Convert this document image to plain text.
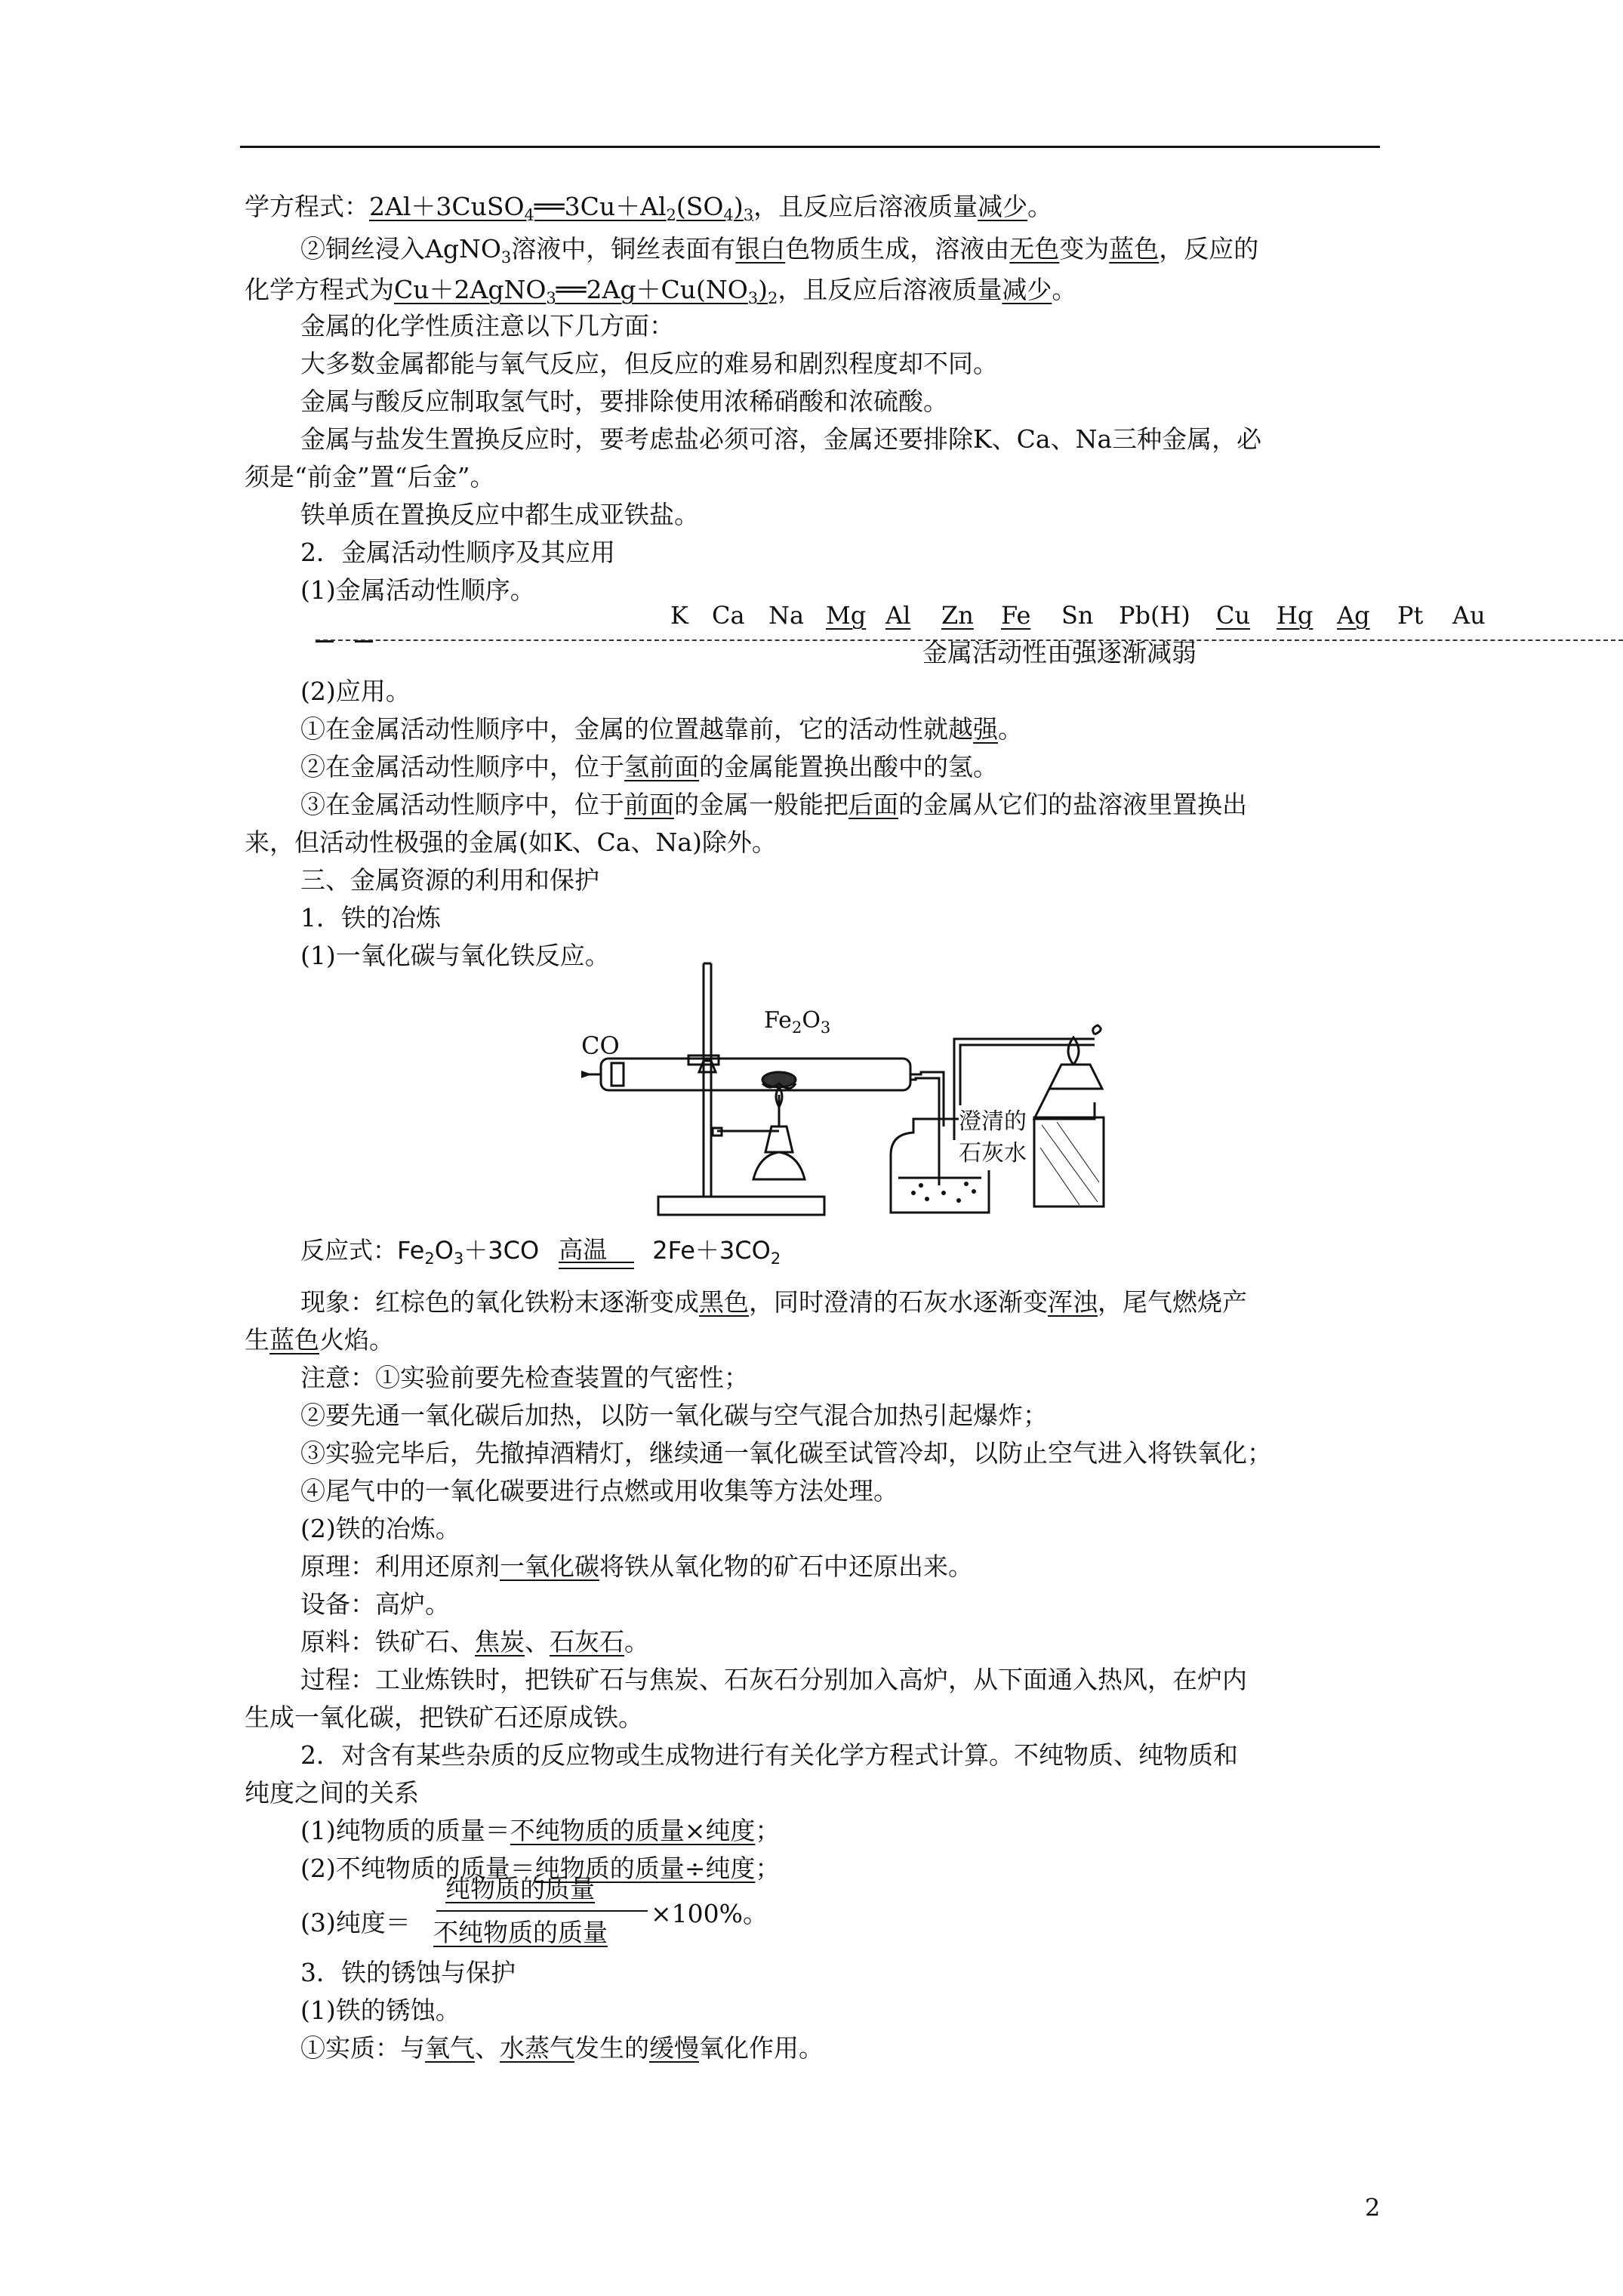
学方程式：$2Al+3CuSO_4══3Cu+Al_2(SO_4)_3$，且反应后溶液质量减少。
②铜丝浸入AgNO$_3$溶液中，铜丝表面有银白色物质生成，溶液由无色变为蓝色，反应的
化学方程式为$Cu+2AgNO_3══2Ag+Cu(NO_3)_2$，且反应后溶液质量减少。
金属的化学性质注意以下几方面：
大多数金属都能与氧气反应，但反应的难易和剧烈程度却不同。
金属与酸反应制取氢气时，要排除使用浓稀硝酸和浓硫酸。
金属与盐发生置换反应时，要考虑盐必须可溶，金属还要排除K、Ca、Na三种金属，必
须是“前金”置“后金”。
铁单质在置换反应中都生成亚铁盐。
2．金属活动性顺序及其应用
(1)金属活动性顺序。
K Ca Na Mg Al Zn Fe Sn Pb(H) Cu Hg Ag Pt Au
金属活动性由强逐渐减弱
(2)应用。
①在金属活动性顺序中，金属的位置越靠前，它的活动性就越强。
②在金属活动性顺序中，位于氢前面的金属能置换出酸中的氢。
③在金属活动性顺序中，位于前面的金属一般能把后面的金属从它们的盐溶液里置换出
来，但活动性极强的金属(如K、Ca、Na)除外。
三、金属资源的利用和保护
1．铁的冶炼
(1)一氧化碳与氧化铁反应。
CO
$Fe_2O_3$
澄清的
石灰水
反应式：$Fe_2O_3+3CO$ 高温 $2Fe+3CO_2$
现象：红棕色的氧化铁粉末逐渐变成黑色，同时澄清的石灰水逐渐变浑浊，尾气燃烧产
生蓝色火焰。
注意：①实验前要先检查装置的气密性；
②要先通一氧化碳后加热，以防一氧化碳与空气混合加热引起爆炸；
③实验完毕后，先撤掉酒精灯，继续通一氧化碳至试管冷却，以防止空气进入将铁氧化；
④尾气中的一氧化碳要进行点燃或用收集等方法处理。
(2)铁的冶炼。
原理：利用还原剂一氧化碳将铁从氧化物的矿石中还原出来。
设备：高炉。
原料：铁矿石、焦炭、石灰石。
过程：工业炼铁时，把铁矿石与焦炭、石灰石分别加入高炉，从下面通入热风，在炉内
生成一氧化碳，把铁矿石还原成铁。
2．对含有某些杂质的反应物或生成物进行有关化学方程式计算。不纯物质、纯物质和
纯度之间的关系
(1)纯物质的质量＝不纯物质的质量×纯度；
(2)不纯物质的质量＝纯物质的质量÷纯度；
(3)纯度＝
纯物质的质量
不纯物质的质量
×100%。
3．铁的锈蚀与保护
(1)铁的锈蚀。
①实质：与氧气、水蒸气发生的缓慢氧化作用。
2
